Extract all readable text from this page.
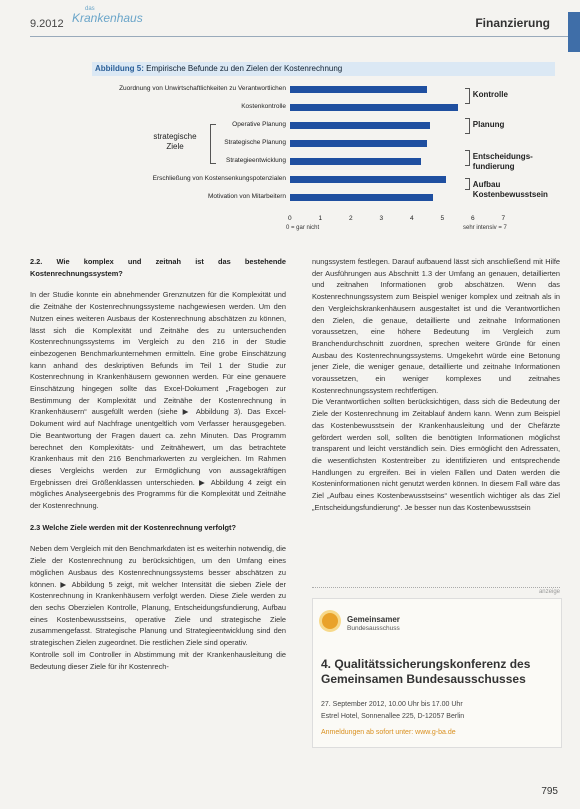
9.2012
das
Krankenhaus	Finanzierung
Abbildung 5: Empirische Befunde zu den Zielen der Kostenrechnung
Zuordnung von Unwirtschaftlichkeiten zu Verantwortlichen
Kostenkontrolle
Operative Planung
Strategische Planung
Strategieentwicklung
Erschließung von Kostensenkungspotenzialen
Motivation von Mitarbeitern
0	1	2	3	4	5	6	7
0 = gar nicht	sehr intensiv = 7
strategische
Ziele
Kontrolle
Planung
Entscheidungs-
fundierung
Aufbau
Kostenbewusstsein

2.2. Wie komplex und zeitnah ist das bestehende Kostenrechnungssystem?

In der Studie konnte ein abnehmender Grenznutzen für die Komplexität und die Zeitnähe der Kostenrechnungssysteme nachgewiesen werden. Um den Nutzen eines weiteren Ausbaus der Kostenrechnung abschätzen zu können, lässt sich die Komplexität und Zeitnähe des zu untersuchenden Kostenrechnungssystems im Vergleich zu den 216 in der Studie einbezogenen Benchmarkunternehmen ermitteln. Eine grobe Einschätzung kann anhand des deskriptiven Befunds im Teil 1 der Studie zur Kostenrechnung in Krankenhäusern gewonnen werden. Für eine genauere Einschätzung hingegen sollte das Excel-Dokument „Fragebogen zur Bestimmung der Komplexität und Zeitnähe der Kostenrechnung in Krankenhäusern“ ausgefüllt werden (siehe ▶ Abbildung 3). Das Excel-Dokument wird auf Nachfrage unentgeltlich vom Verfasser herausgegeben. Die Beantwortung der Fragen dauert ca. zehn Minuten. Das Programm berechnet den Komplexitäts- und Zeitnähewert, um das betrachtete Krankenhaus mit den 216 Benchmarkwerten zu vergleichen. Im Rahmen dieses Vergleichs werden zur Ermöglichung von aussagekräftigen Ergebnissen drei Größenklassen unterschieden. ▶ Abbildung 4 zeigt ein mögliches Analyseergebnis des Programms für die Komplexität und Zeitnähe der Kostenrechnung.

2.3 Welche Ziele werden mit der Kostenrechnung verfolgt?

Neben dem Vergleich mit den Benchmarkdaten ist es weiterhin notwendig, die Ziele der Kostenrechnung zu berücksichtigen, um den Umfang eines möglichen Ausbaus des Kostenrechnungssystems besser abschätzen zu können. ▶ Abbildung 5 zeigt, mit welcher Intensität die sieben Ziele der Kostenrechnung in Krankenhäusern verfolgt werden. Diese Ziele werden zu den sechs Oberzielen Kontrolle, Planung, Entscheidungsfundierung, Aufbau eines Kostenbewusstseins, operative Ziele und strategische Ziele zusammengefasst. Strategische Planung und Strategieentwicklung sind den strategischen Zielen zugeordnet. Die restlichen Ziele sind operativ.

Kontrolle soll im Controller in Abstimmung mit der Krankenhausleitung die Bedeutung dieser Ziele für ihr Kostenrech-

nungssystem festlegen. Darauf aufbauend lässt sich anschließend mit Hilfe der Ausführungen aus Abschnitt 1.3 der Umfang an genauen, detaillierten und zeitnahen Informationen grob abschätzen. Wenn das Kostenrechnungssystem zum Beispiel weniger komplex und zeitnah als in den Vergleichskrankenhäusern ausgestaltet ist und die Verantwortlichen den Zielen, die genaue, detaillierte und zeitnahe Informationen voraussetzen, eine höhere Bedeutung im Vergleich zum Branchendurchschnitt zuordnen, sprechen weitere Gründe für einen Ausbau des Kostenrechnungssystems. Umgekehrt würde eine Betonung jener Ziele, die weniger genaue, detaillierte und zeitnahe Informationen voraussetzen, ein weniger komplexes und zeitnahes Kostenrechnungssystem rechtfertigen.

Die Verantwortlichen sollten berücksichtigen, dass sich die Bedeutung der Ziele der Kostenrechnung im Zeitablauf ändern kann. Wenn zum Beispiel das Kostenbewusstsein der Krankenhausleitung und der Chefärzte gefördert werden soll, sollten die benötigten Informationen möglichst transparent und leicht verständlich sein. Dies ermöglicht den Adressaten, die wesentlichsten Kostentreiber zu identifizieren und entsprechende Handlungen zu ergreifen. Bei in vielen Fällen und Daten werden die Kosteninformationen nicht genutzt werden können. In diesem Fall wäre das Ziel „Aufbau eines Kostenbewusstseins“ wesentlich wichtiger als das Ziel „Entscheidungsfundierung“. Je besser nun das Kostenbewusstsein

anzeige
Gemeinsamer
Bundesausschuss
4. Qualitätssicherungskonferenz des Gemeinsamen Bundesausschusses
27. September 2012, 10.00 Uhr bis 17.00 Uhr
Estrel Hotel, Sonnenallee 225, D-12057 Berlin
Anmeldungen ab sofort unter: www.g-ba.de
795
